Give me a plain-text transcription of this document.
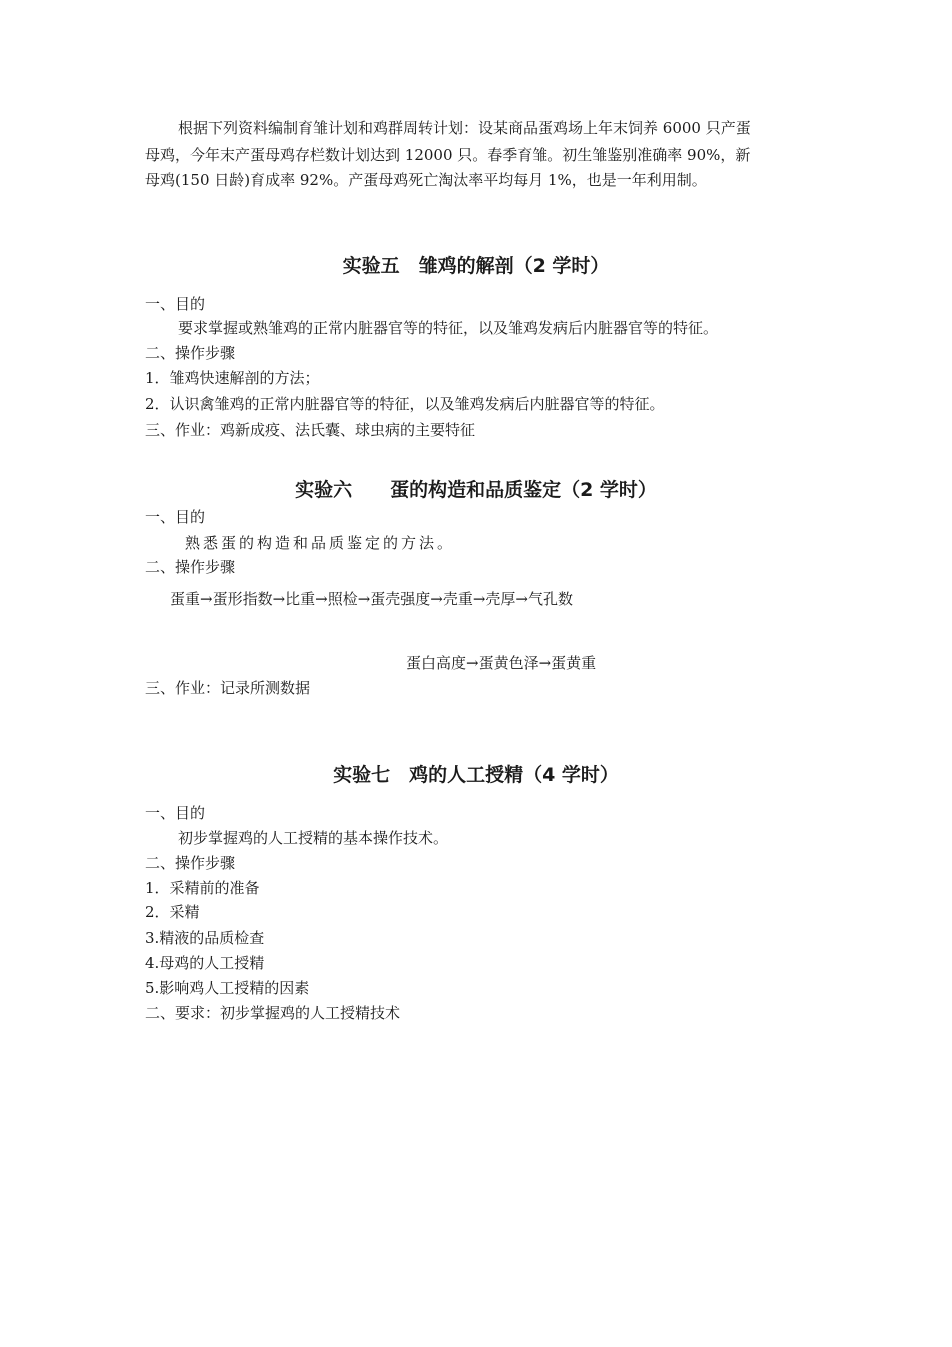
根据下列资料编制育雏计划和鸡群周转计划：设某商品蛋鸡场上年末饲养 6000 只产蛋
母鸡，今年末产蛋母鸡存栏数计划达到 12000 只。春季育雏。初生雏鉴别准确率 90%，新
母鸡(150 日龄)育成率 92%。产蛋母鸡死亡淘汰率平均每月 1%，也是一年利用制。
实验五　雏鸡的解剖（2 学时）
一、目的
要求掌握或熟雏鸡的正常内脏器官等的特征，以及雏鸡发病后内脏器官等的特征。
二、操作步骤
1．雏鸡快速解剖的方法；
2．认识禽雏鸡的正常内脏器官等的特征，以及雏鸡发病后内脏器官等的特征。
三、作业：鸡新成疫、法氏囊、球虫病的主要特征
实验六　　蛋的构造和品质鉴定（2 学时）
一、目的
熟悉蛋的构造和品质鉴定的方法。
二、操作步骤
蛋重→蛋形指数→比重→照检→蛋壳强度→壳重→壳厚→气孔数
蛋白高度→蛋黄色泽→蛋黄重
三、作业：记录所测数据
实验七　鸡的人工授精（4 学时）
一、目的
初步掌握鸡的人工授精的基本操作技术。
二、操作步骤
1．采精前的准备
2．采精
3.精液的品质检查
4.母鸡的人工授精
5.影响鸡人工授精的因素
二、要求：初步掌握鸡的人工授精技术
